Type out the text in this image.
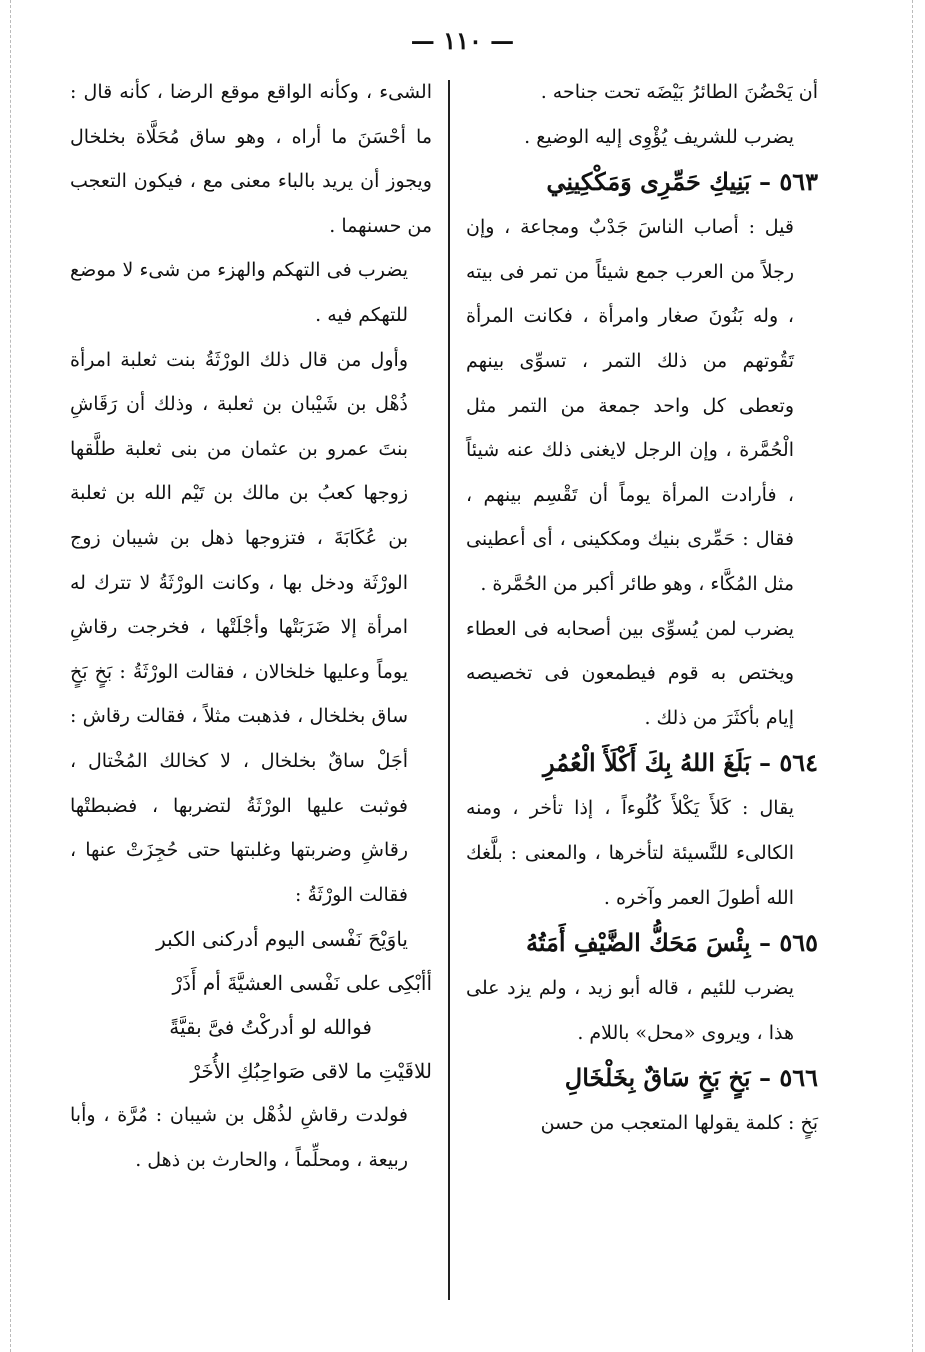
— ١١٠ —

أن يَحْضُنَ الطائرُ بَيْضَه تحت جناحه .

يضرب للشريف يُؤْوِى إليه الوضيع .

٥٦٣ – بَنِيكِ حَمِّرِى وَمَكْكِينِي

قيل : أصاب الناسَ جَدْبٌ ومجاعة ، وإن رجلاً من العرب جمع شيئاً من تمر فى بيته ، وله بَنُونَ صغار وامرأة ، فكانت المرأة تَقُوتهم من ذلك التمر ، تسوِّى بينهم وتعطى كل واحد جمعة من التمر مثل الْحُمَّرة ، وإن الرجل لايغنى ذلك عنه شيئاً ، فأرادت المرأة يوماً أن تَقْسِم بينهم ، فقال : حَمِّرى بنيك ومككينى ، أى أعطينى مثل المُكَّاء ، وهو طائر أكبر من الحُمَّرة .

يضرب لمن يُسوِّى بين أصحابه فى العطاء ويختص به قوم فيطمعون فى تخصيصه إيام بأكثَرَ من ذلك .

٥٦٤ – بَلَغَ اللهُ بِكَ أَكْلَأَ الْعُمُرِ

يقال : كَلأَ يَكْلأَ كُلُوءاً ، إذا تأخر ، ومنه الكالىء للنَّسيئة لتأخرها ، والمعنى : بلَّغك الله أطولَ العمر وآخره .

٥٦٥ – بِئْسَ مَحَكُّ الضَّيْفِ أَمَتُهُ

يضرب للئيم ، قاله أبو زيد ، ولم يزد على هذا ، ويروى «محل» باللام .

٥٦٦ – بَخٍ بَخٍ سَاقٌ بِخَلْخَالِ

بَخٍ : كلمة يقولها المتعجب من حسن

الشىء ، وكأنه الواقع موقع الرضا ، كأنه قال : ما أحْسَنَ ما أراه ، وهو ساق مُحَلَّاة بخلخال ويجوز أن يريد بالباء معنى مع ، فيكون التعجب من حسنهما .

يضرب فى التهكم والهزء من شىء لا موضع للتهكم فيه .

وأول من قال ذلك الورْثَةُ بنت ثعلبة امرأة ذُهْل بن شَيْبان بن ثعلبة ، وذلك أن رَقَاشِ بنتَ عمرو بن عثمان من بنى ثعلبة طلَّقها زوجها كعبُ بن مالك بن تَيْم الله بن ثعلبة بن عُكَابَةَ ، فتزوجها ذهل بن شيبان زوج الورْثَة ودخل بها ، وكانت الورْثَةُ لا تترك له امرأة إلا ضَرَبَتْها وأجْلَتْها ، فخرجت رقاشِ يوماً وعليها خلخالان ، فقالت الورْثَةُ : بَخٍ بَخٍ ساق بخلخال ، فذهبت مثلاً ، فقالت رقاش : أجَلْ ساقٌ بخلخال ، لا كخالك المُخْتال ، فوثبت عليها الورْثَةُ لتضربها ، فضبطتْها رقاشِ وضربتها وغلبتها حتى حُجِزَتْ عنها ، فقالت الورْثَةُ :

ياوَيْحَ نَفْسى اليوم أدركنى الكبر

أأبْكِى على نَفْسى العشيَّةَ أم أَذَرْ

فوالله لو أدركْتُ فىَّ بقيَّةً

للاقَيْتِ ما لاقى صَواحِبُكِ الأُخَرْ

فولدت رقاشِ لذُهْل بن شيبان : مُرَّة ، وأبا ربيعة ، ومحلِّماً ، والحارث بن ذهل .
